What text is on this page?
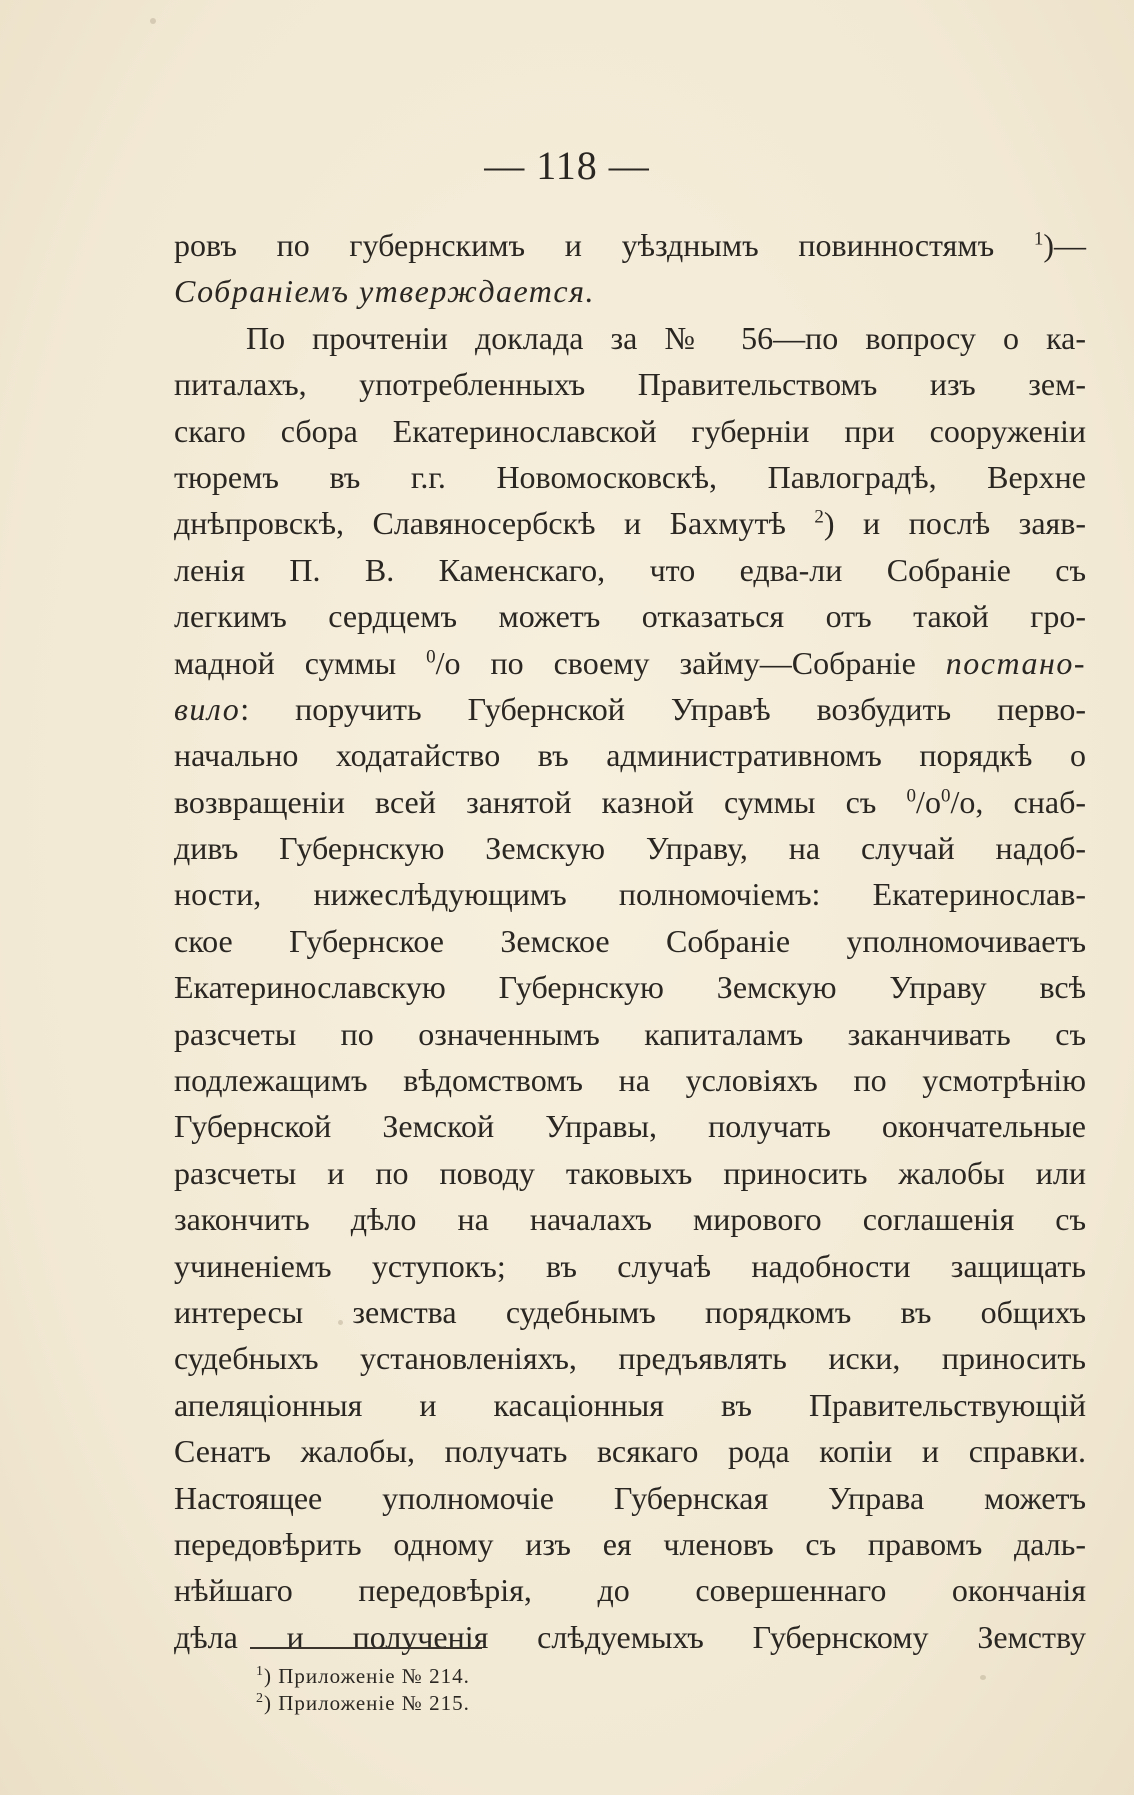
— 118 —
ровъ по губернскимъ и уѣзднымъ повинностямъ $^1$)—
Собраніемъ утверждается.
По прочтеніи доклада за № 56—по вопросу о ка-
питалахъ, употребленныхъ Правительствомъ изъ зем-
скаго сбора Екатеринославской губерніи при сооруженіи
тюремъ въ г.г. Новомосковскѣ, Павлоградѣ, Верхне
днѣпровскѣ, Славяносербскѣ и Бахмутѣ $^2$) и послѣ заяв-
ленія П. В. Каменскаго, что едва-ли Собраніе съ
легкимъ сердцемъ можетъ отказаться отъ такой гро-
мадной суммы $^0$/о по своему займу—Собраніе постано-
вило: поручить Губернской Управѣ возбудить перво-
начально ходатайство въ административномъ порядкѣ о
возвращеніи всей занятой казной суммы съ $^0/о^0/о$, снаб-
дивъ Губернскую Земскую Управу, на случай надоб-
ности, нижеслѣдующимъ полномочіемъ: Екатеринослав-
ское Губернское Земское Собраніе уполномочиваетъ
Екатеринославскую Губернскую Земскую Управу всѣ
разсчеты по означеннымъ капиталамъ заканчивать съ
подлежащимъ вѣдомствомъ на условіяхъ по усмотрѣнію
Губернской Земской Управы, получать окончательные
разсчеты и по поводу таковыхъ приносить жалобы или
закончить дѣло на началахъ мирового соглашенія съ
учиненіемъ уступокъ; въ случаѣ надобности защищать
интересы земства судебнымъ порядкомъ въ общихъ
судебныхъ установленіяхъ, предъявлять иски, приносить
апеляціонныя и касаціонныя въ Правительствующій
Сенатъ жалобы, получать всякаго рода копіи и справки.
Настоящее уполномочіе Губернская Управа можетъ
передовѣрить одному изъ ея членовъ съ правомъ даль-
нѣйшаго передовѣрія, до совершеннаго окончанія
дѣла и полученія слѣдуемыхъ Губернскому Земству
$^1$) Приложеніе № 214.
$^2$) Приложеніе № 215.
